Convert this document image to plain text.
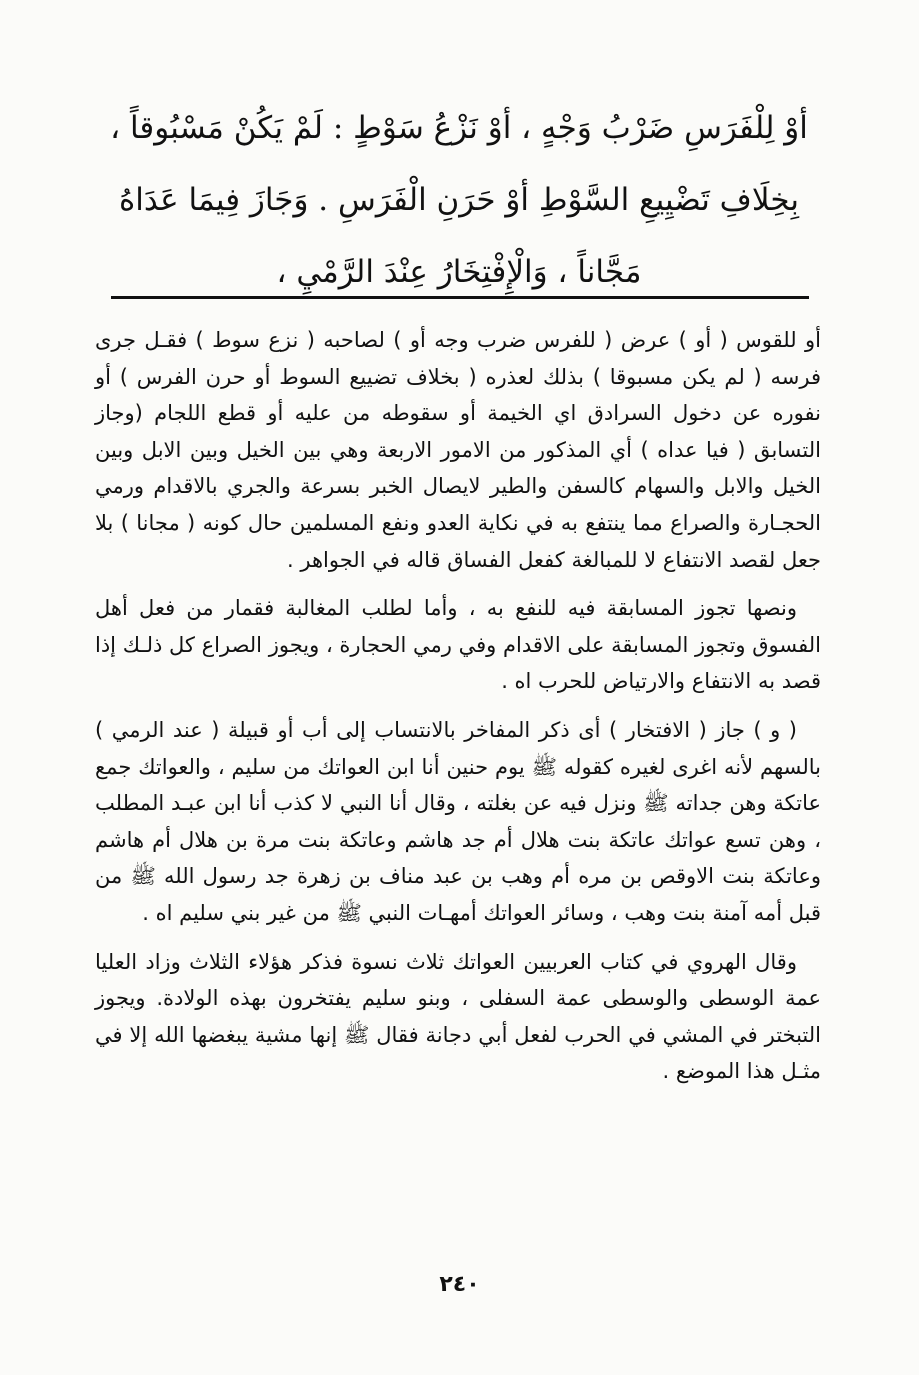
أوْ لِلْفَرَسِ ضَرْبُ وَجْهٍ ، أوْ نَزْعُ سَوْطٍ : لَمْ يَكُنْ مَسْبُوقاً ،

بِخِلَافِ تَضْيِيعِ السَّوْطِ أوْ حَرَنِ الْفَرَسِ . وَجَازَ فِيمَا عَدَاهُ

مَجَّاناً ، وَالْإِفْتِخَارُ عِنْدَ الرَّمْيِ ،

أو للقوس ( أو ) عرض ( للفرس ضرب وجه أو ) لصاحبه ( نزع سوط ) فقـل جرى فرسه ( لم يكن مسبوقا ) بذلك لعذره ( بخلاف تضييع السوط أو حرن الفرس ) أو نفوره عن دخول السرادق اي الخيمة أو سقوطه من عليه أو قطع اللجام (وجاز التسابق ( فيا عداه ) أي المذكور من الامور الاربعة وهي بين الخيل وبين الابل وبين الخيل والابل والسهام كالسفن والطير لايصال الخبر بسرعة والجري بالاقدام ورمي الحجـارة والصراع مما ينتفع به في نكاية العدو ونفع المسلمين حال كونه ( مجانا ) بلا جعل لقصد الانتفاع لا للمبالغة كفعل الفساق قاله في الجواهر .

ونصها تجوز المسابقة فيه للنفع به ، وأما لطلب المغالبة فقمار من فعل أهل الفسوق وتجوز المسابقة على الاقدام وفي رمي الحجارة ، ويجوز الصراع كل ذلـك إذا قصد به الانتفاع والارتياض للحرب اه .

( و ) جاز ( الافتخار ) أى ذكر المفاخر بالانتساب إلى أب أو قبيلة ( عند الرمي ) بالسهم لأنه اغرى لغيره كقوله ﷺ يوم حنين أنا ابن العواتك من سليم ، والعواتك جمع عاتكة وهن جداته ﷺ ونزل فيه عن بغلته ، وقال أنا النبي لا كذب أنا ابن عبـد المطلب ، وهن تسع عواتك عاتكة بنت هلال أم جد هاشم وعاتكة بنت مرة بن هلال أم هاشم وعاتكة بنت الاوقص بن مره أم وهب بن عبد مناف بن زهرة جد رسول الله ﷺ من قبل أمه آمنة بنت وهب ، وسائر العواتك أمهـات النبي ﷺ من غير بني سليم اه .

وقال الهروي في كتاب العربيين العواتك ثلاث نسوة فذكر هؤلاء الثلاث وزاد العليا عمة الوسطى والوسطى عمة السفلى ، وبنو سليم يفتخرون بهذه الولادة. ويجوز التبختر في المشي في الحرب لفعل أبي دجانة فقال ﷺ إنها مشية يبغضها الله إلا في مثـل هذا الموضع .

٢٤٠
